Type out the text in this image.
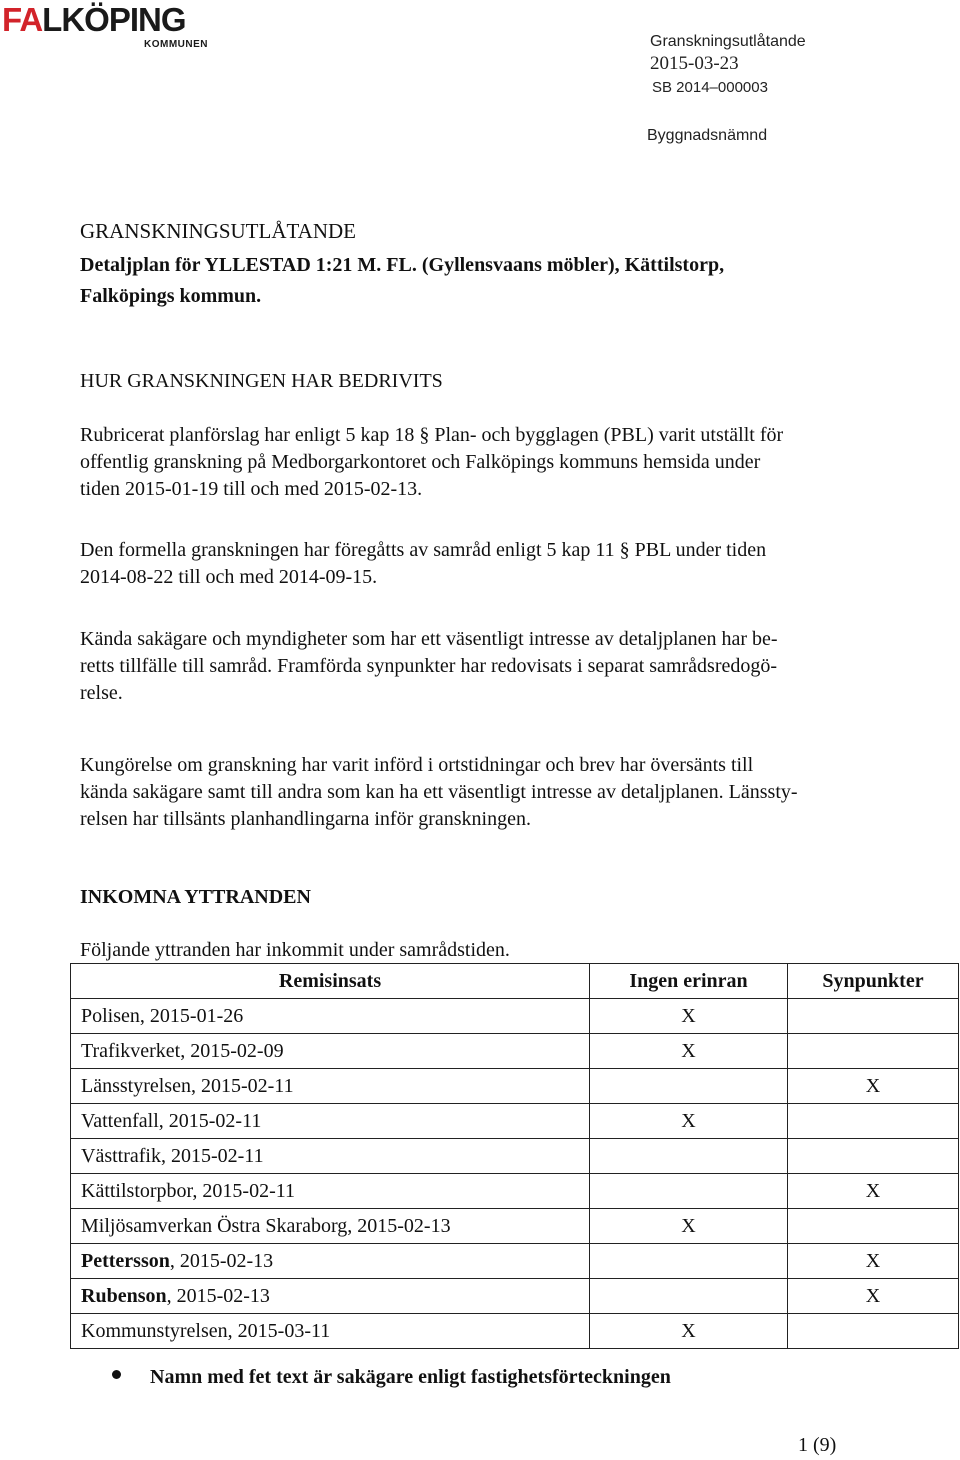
FALKÖPING
KOMMUNEN	Granskningsutlåtande
2015-03-23
SB 2014–000003
Byggnadsnämnd
GRANSKNINGSUTLÅTANDE
Detaljplan för YLLESTAD 1:21 M. FL. (Gyllensvaans möbler), Kättilstorp,
Falköpings kommun.
HUR GRANSKNINGEN HAR BEDRIVITS
Rubricerat planförslag har enligt 5 kap 18 § Plan- och bygglagen (PBL) varit utställt för
offentlig granskning på Medborgarkontoret och Falköpings kommuns hemsida under
tiden 2015-01-19 till och med 2015-02-13.
Den formella granskningen har föregåtts av samråd enligt 5 kap 11 § PBL under tiden
2014-08-22 till och med 2014-09-15.
Kända sakägare och myndigheter som har ett väsentligt intresse av detaljplanen har be-
retts tillfälle till samråd. Framförda synpunkter har redovisats i separat samrådsredogö-
relse.
Kungörelse om granskning har varit införd i ortstidningar och brev har översänts till
kända sakägare samt till andra som kan ha ett väsentligt intresse av detaljplanen. Länssty-
relsen har tillsänts planhandlingarna inför granskningen.
INKOMNA YTTRANDEN
Följande yttranden har inkommit under samrådstiden.
Remisinsats	Ingen erinran	Synpunkter
Polisen, 2015-01-26	X	
Trafikverket, 2015-02-09	X	
Länsstyrelsen, 2015-02-11		X
Vattenfall, 2015-02-11	X	
Västtrafik, 2015-02-11		
Kättilstorpbor, 2015-02-11		X
Miljösamverkan Östra Skaraborg, 2015-02-13	X	
Pettersson, 2015-02-13		X
Rubenson, 2015-02-13		X
Kommunstyrelsen, 2015-03-11	X	
Namn med fet text är sakägare enligt fastighetsförteckningen
1 (9)
